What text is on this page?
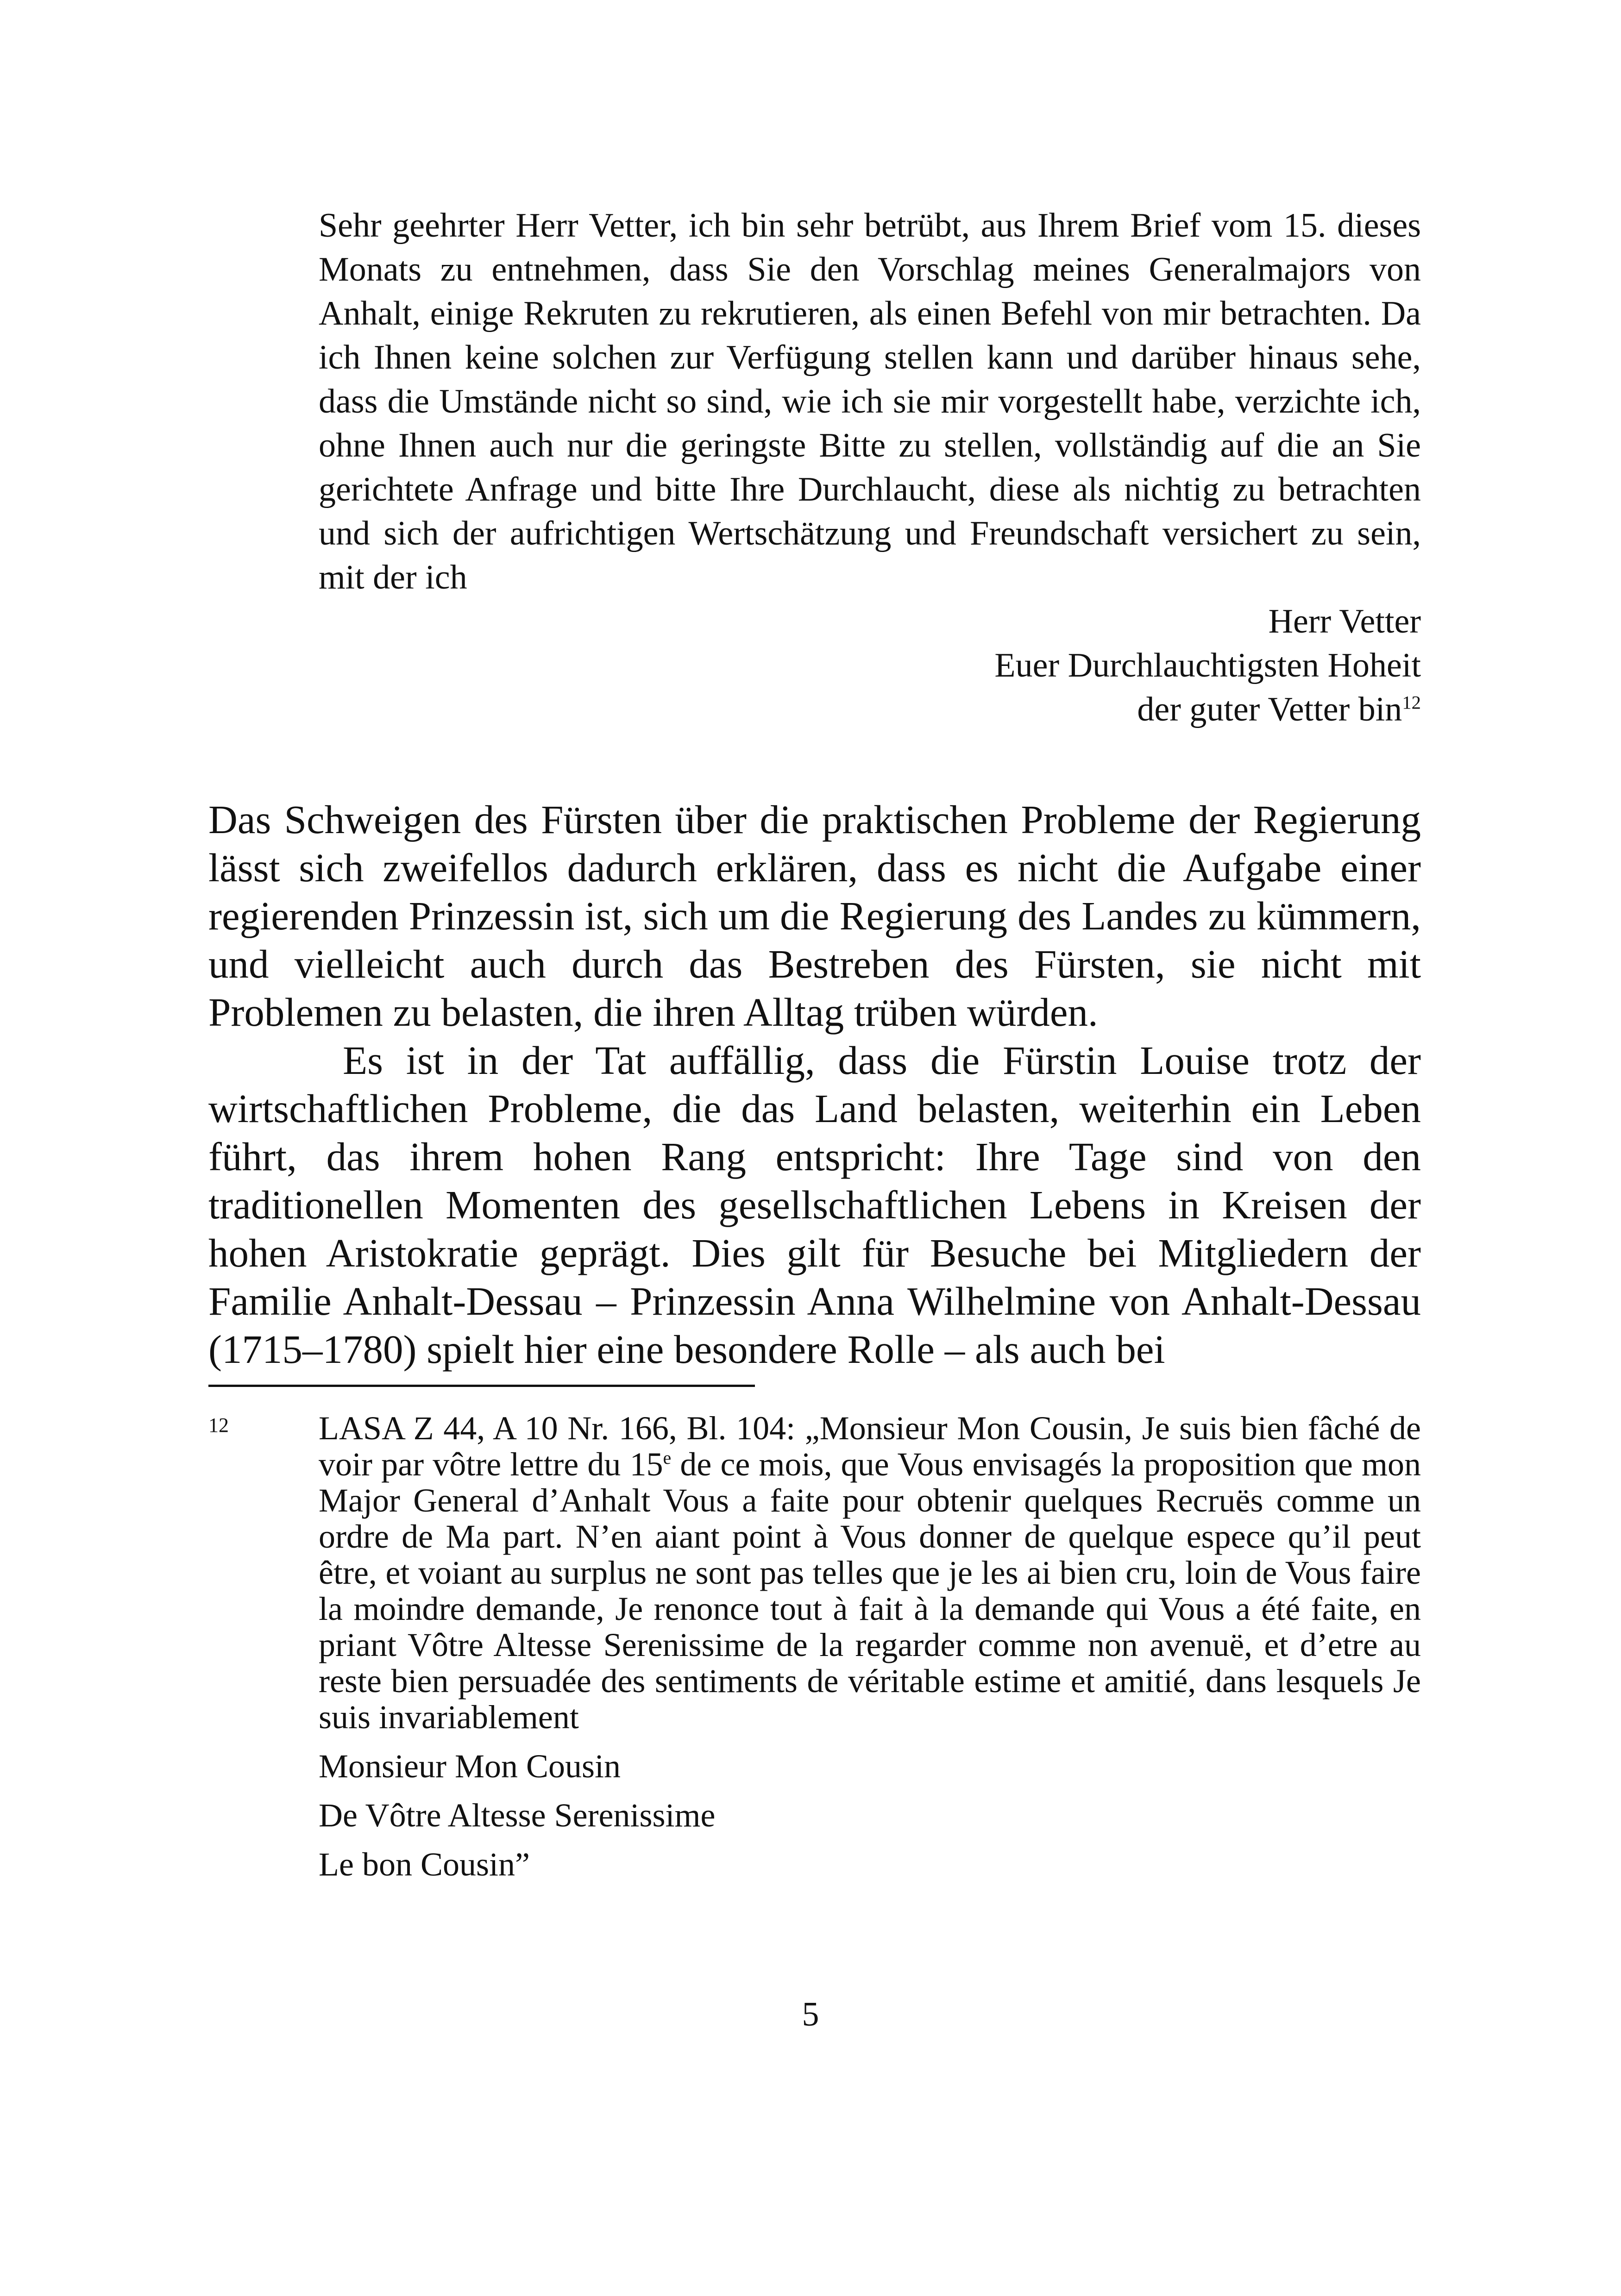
Sehr geehrter Herr Vetter, ich bin sehr betrübt, aus Ihrem Brief vom 15. dieses Monats zu entnehmen, dass Sie den Vorschlag meines Generalmajors von Anhalt, einige Rekruten zu rekrutieren, als einen Befehl von mir betrachten. Da ich Ihnen keine solchen zur Verfügung stellen kann und darüber hinaus sehe, dass die Umstände nicht so sind, wie ich sie mir vorgestellt habe, verzichte ich, ohne Ihnen auch nur die geringste Bitte zu stellen, vollständig auf die an Sie gerichtete Anfrage und bitte Ihre Durchlaucht, diese als nichtig zu betrachten und sich der aufrichtigen Wertschätzung und Freundschaft versichert zu sein, mit der ich

Herr Vetter
Euer Durchlauchtigsten Hoheit
der guter Vetter bin$^{12}$

Das Schweigen des Fürsten über die praktischen Probleme der Regierung lässt sich zweifellos dadurch erklären, dass es nicht die Aufgabe einer regierenden Prinzessin ist, sich um die Regierung des Landes zu kümmern, und vielleicht auch durch das Bestreben des Fürsten, sie nicht mit Problemen zu belasten, die ihren Alltag trüben würden.

Es ist in der Tat auffällig, dass die Fürstin Louise trotz der wirtschaftlichen Probleme, die das Land belasten, weiterhin ein Leben führt, das ihrem hohen Rang entspricht: Ihre Tage sind von den traditionellen Momenten des gesellschaftlichen Lebens in Kreisen der hohen Aristokratie geprägt. Dies gilt für Besuche bei Mitgliedern der Familie Anhalt-Dessau – Prinzessin Anna Wilhelmine von Anhalt-Dessau (1715–1780) spielt hier eine besondere Rolle – als auch bei

12	LASA Z 44, A 10 Nr. 166, Bl. 104: „Monsieur Mon Cousin, Je suis bien fâché de voir par vôtre lettre du 15e de ce mois, que Vous envisagés la proposition que mon Major General d’Anhalt Vous a faite pour obtenir quelques Recruës comme un ordre de Ma part. N’en aiant point à Vous donner de quelque espece qu’il peut être, et voiant au surplus ne sont pas telles que je les ai bien cru, loin de Vous faire la moindre demande, Je renonce tout à fait à la demande qui Vous a été faite, en priant Vôtre Altesse Serenissime de la regarder comme non avenuë, et d’etre au reste bien persuadée des sentiments de véritable estime et amitié, dans lesquels Je suis invariablement
Monsieur Mon Cousin
De Vôtre Altesse Serenissime
Le bon Cousin”
5
